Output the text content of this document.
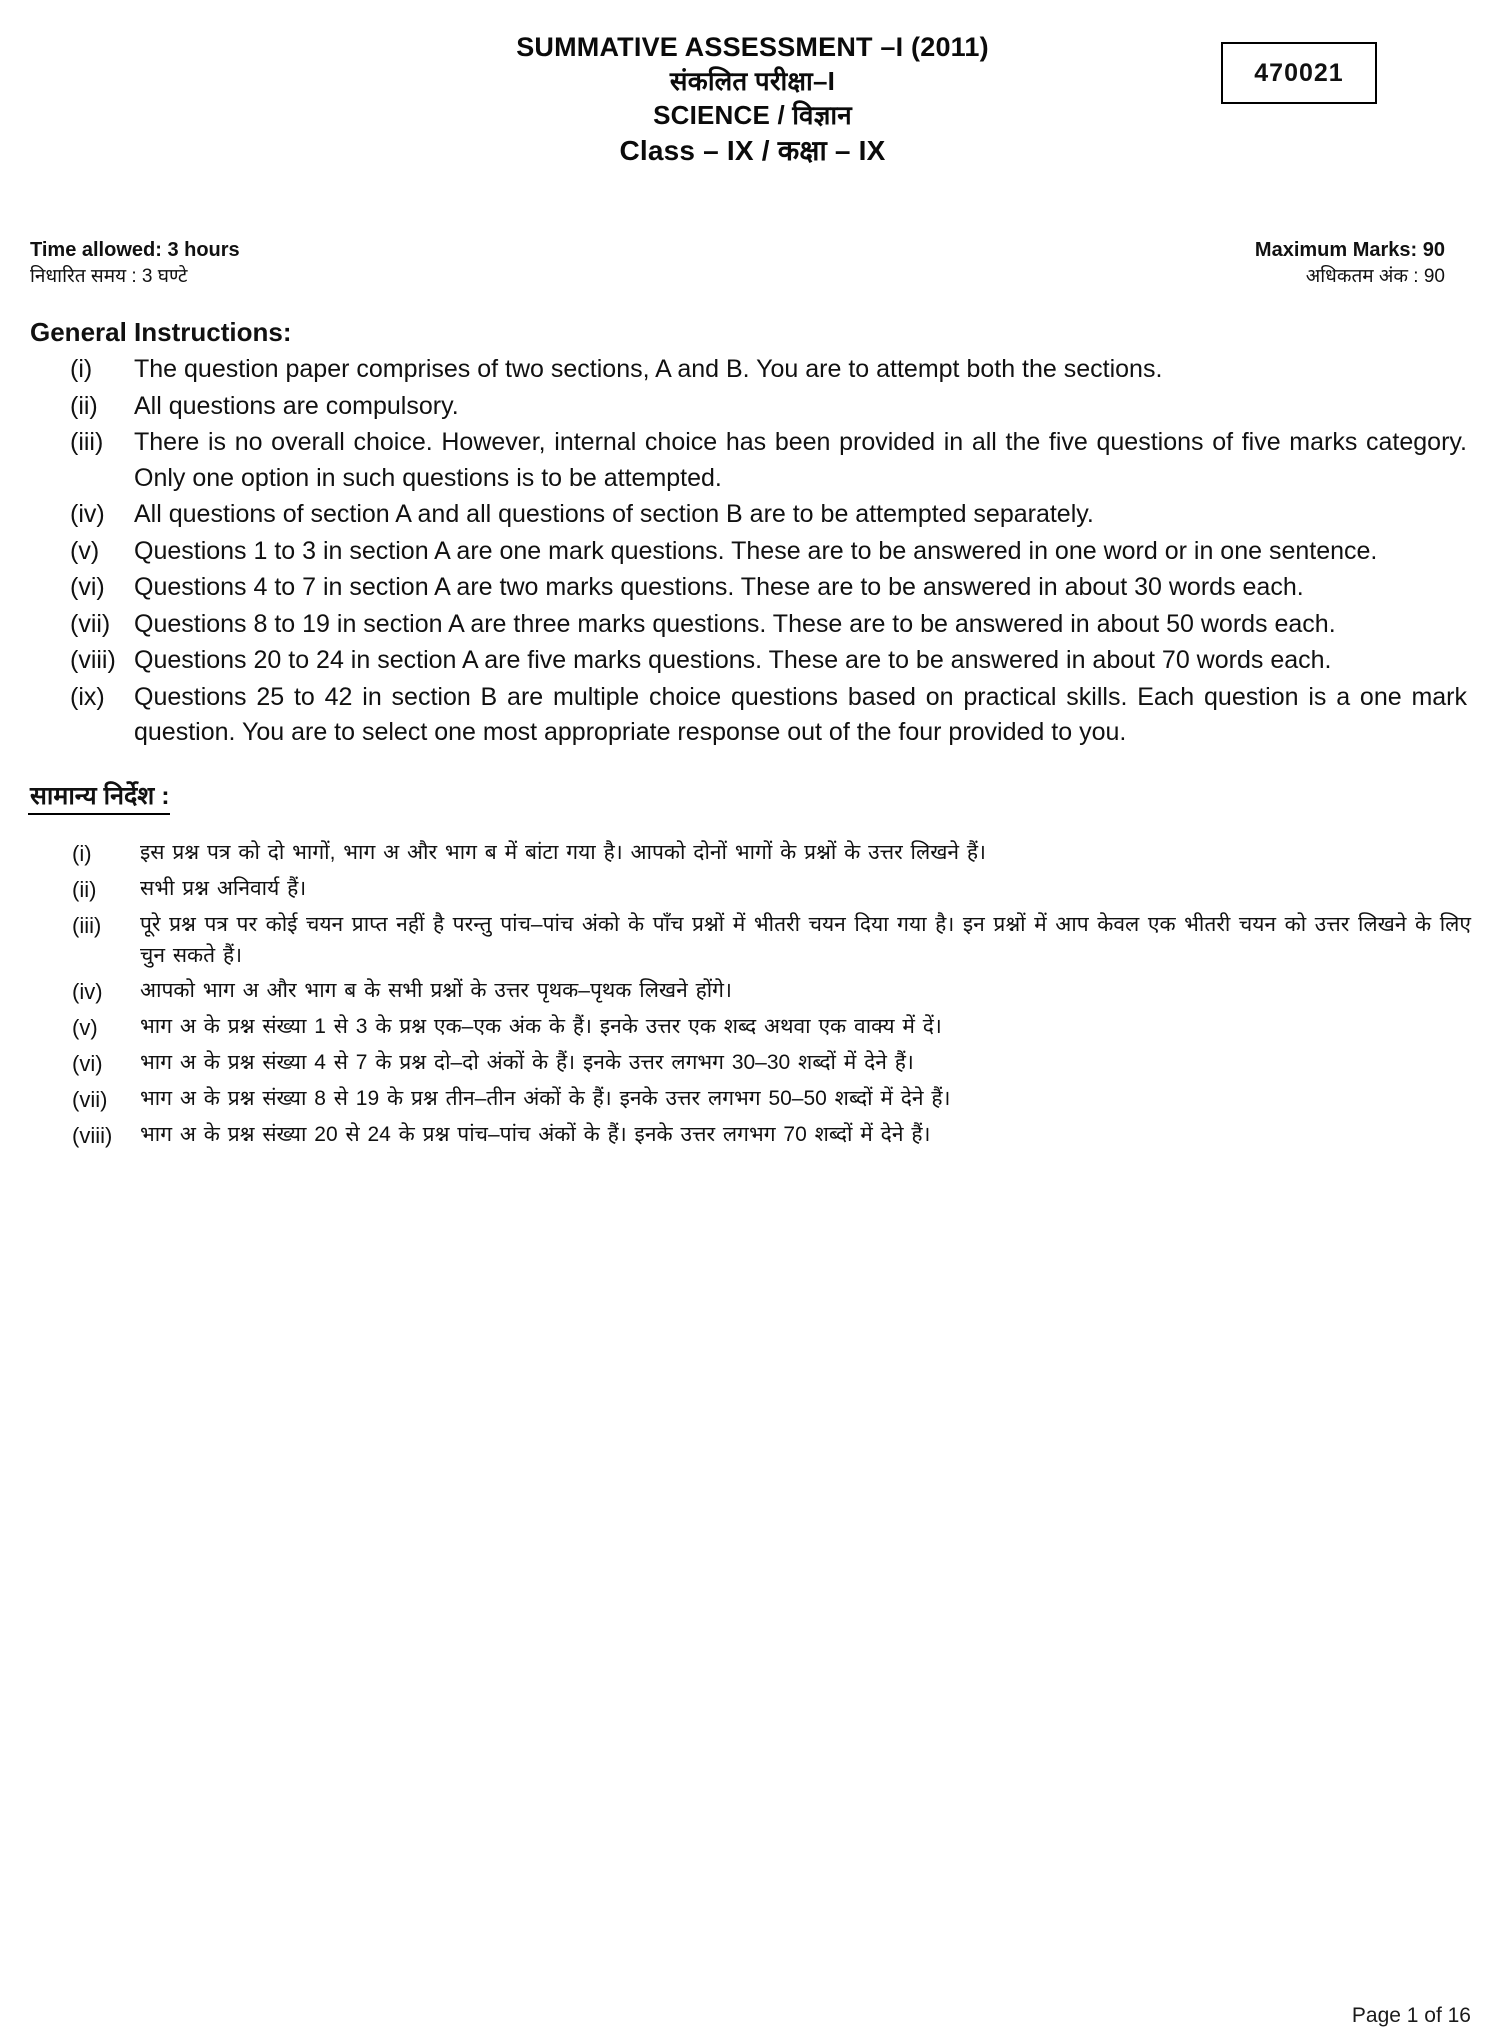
SUMMATIVE ASSESSMENT –I (2011)
संकलित परीक्षा–I
SCIENCE / विज्ञान
Class – IX / कक्षा – IX
470021
Time allowed: 3 hours
निधारित समय : 3 घण्टे
Maximum Marks: 90
अधिकतम अंक : 90
General Instructions:
(i)	The question paper comprises of two sections, A and B. You are to attempt both the sections.
(ii)	All questions are compulsory.
(iii)	There is no overall choice. However, internal choice has been provided in all the five questions of five marks category. Only one option in such questions is to be attempted.
(iv)	All questions of section A and all questions of section B are to be attempted separately.
(v)	Questions 1 to 3 in section A are one mark questions. These are to be answered in one word or in one sentence.
(vi)	Questions 4 to 7 in section A are two marks questions. These are to be answered in about 30 words each.
(vii) Questions 8 to 19 in section A are three marks questions. These are to be answered in about 50 words each.
(viii) Questions 20 to 24 in section A are five marks questions. These are to be answered in about 70 words each.
(ix)	Questions 25 to 42 in section B are multiple choice questions based on practical skills. Each question is a one mark question. You are to select one most appropriate response out of the four provided to you.
सामान्य निर्देश :
(i)	इस प्रश्न पत्र को दो भागों, भाग अ और भाग ब में बांटा गया है। आपको दोनों भागों के प्रश्नों के उत्तर लिखने हैं।
(ii)	सभी प्रश्न अनिवार्य हैं।
(iii)	पूरे प्रश्न पत्र पर कोई चयन प्राप्त नहीं है परन्तु पांच–पांच अंको के पॉंच प्रश्नों में भीतरी चयन दिया गया है। इन प्रश्नों में आप केवल एक भीतरी चयन को उत्तर लिखने के लिए चुन सकते हैं।
(iv)	आपको भाग अ और भाग ब के सभी प्रश्नों के उत्तर पृथक–पृथक लिखने होंगे।
(v)	भाग अ के प्रश्न संख्या 1 से 3 के प्रश्न एक–एक अंक के हैं। इनके उत्तर एक शब्द अथवा एक वाक्य में दें।
(vi)	भाग अ के प्रश्न संख्या 4 से 7 के प्रश्न दो–दो अंकों के हैं। इनके उत्तर लगभग 30–30 शब्दों में देने हैं।
(vii)	भाग अ के प्रश्न संख्या 8 से 19 के प्रश्न तीन–तीन अंकों के हैं। इनके उत्तर लगभग 50–50 शब्दों में देने हैं।
(viii)	भाग अ के प्रश्न संख्या 20 से 24 के प्रश्न पांच–पांच अंकों के हैं। इनके उत्तर लगभग 70 शब्दों में देने हैं।
Page 1 of 16
